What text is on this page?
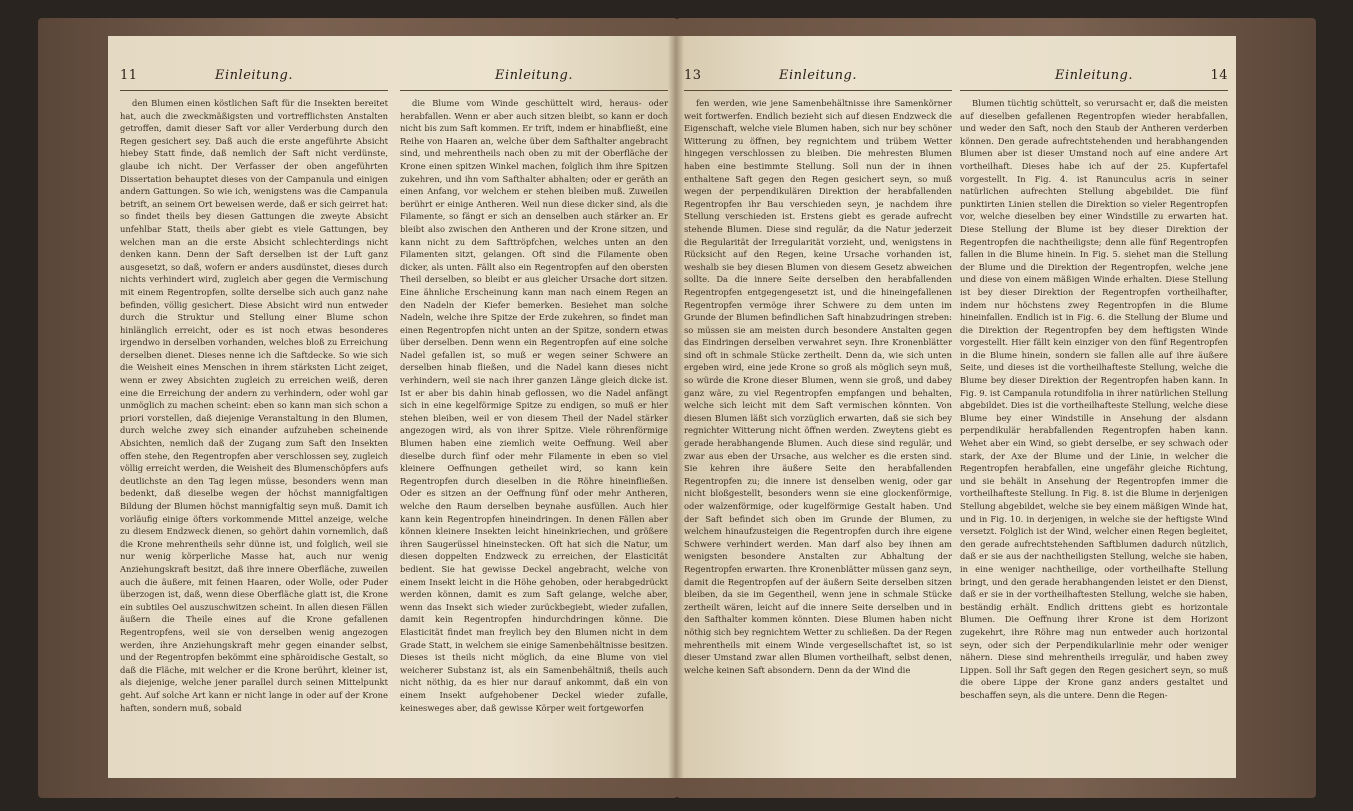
11	Einleitung.

den Blumen einen köstlichen Saft für die Insekten bereitet hat, auch die zweckmäßigsten und vortrefflichsten Anstalten getroffen, damit dieser Saft vor aller Verderbung durch den Regen gesichert sey. Daß auch die erste angeführte Absicht hiebey Statt finde, daß nemlich der Saft nicht verdünste, glaube ich nicht. Der Verfasser der oben angeführten Dissertation behauptet dieses von der Campanula und einigen andern Gattungen. So wie ich, wenigstens was die Campanula betrift, an seinem Ort beweisen werde, daß er sich geirret hat: so findet theils bey diesen Gattungen die zweyte Absicht unfehlbar Statt, theils aber giebt es viele Gattungen, bey welchen man an die erste Absicht schlechterdings nicht denken kann. Denn der Saft derselben ist der Luft ganz ausgesetzt, so daß, wofern er anders ausdünstet, dieses durch nichts verhindert wird, zugleich aber gegen die Vermischung mit einem Regentropfen, sollte derselbe sich auch ganz nahe befinden, völlig gesichert. Diese Absicht wird nun entweder durch die Struktur und Stellung einer Blume schon hinlänglich erreicht, oder es ist noch etwas besonderes irgendwo in derselben vorhanden, welches bloß zu Erreichung derselben dienet. Dieses nenne ich die Saftdecke. So wie sich die Weisheit eines Menschen in ihrem stärksten Licht zeiget, wenn er zwey Absichten zugleich zu erreichen weiß, deren eine die Erreichung der andern zu verhindern, oder wohl gar unmöglich zu machen scheint: eben so kann man sich schon a priori vorstellen, daß diejenige Veranstaltung in den Blumen, durch welche zwey sich einander aufzuheben scheinende Absichten, nemlich daß der Zugang zum Saft den Insekten offen stehe, den Regentropfen aber verschlossen sey, zugleich völlig erreicht werden, die Weisheit des Blumenschöpfers aufs deutlichste an den Tag legen müsse, besonders wenn man bedenkt, daß dieselbe wegen der höchst mannigfaltigen Bildung der Blumen höchst mannigfaltig seyn muß. Damit ich vorläufig einige öfters vorkommende Mittel anzeige, welche zu diesem Endzweck dienen, so gehört dahin vornemlich, daß die Krone mehrentheils sehr dünne ist, und folglich, weil sie nur wenig körperliche Masse hat, auch nur wenig Anziehungskraft besitzt, daß ihre innere Oberfläche, zuweilen auch die äußere, mit feinen Haaren, oder Wolle, oder Puder überzogen ist, daß, wenn diese Oberfläche glatt ist, die Krone ein subtiles Oel auszuschwitzen scheint. In allen diesen Fällen äußern die Theile eines auf die Krone gefallenen Regentropfens, weil sie von derselben wenig angezogen werden, ihre Anziehungskraft mehr gegen einander selbst, und der Regentropfen bekömmt eine sphäroidische Gestalt, so daß die Fläche, mit welcher er die Krone berührt, kleiner ist, als diejenige, welche jener parallel durch seinen Mittelpunkt geht. Auf solche Art kann er nicht lange in oder auf der Krone haften, sondern muß, sobald

Einleitung.

die Blume vom Winde geschüttelt wird, heraus- oder herabfallen. Wenn er aber auch sitzen bleibt, so kann er doch nicht bis zum Saft kommen. Er trift, indem er hinabfließt, eine Reihe von Haaren an, welche über dem Safthalter angebracht sind, und mehrentheils nach oben zu mit der Oberfläche der Krone einen spitzen Winkel machen, folglich ihm ihre Spitzen zukehren, und ihn vom Safthalter abhalten; oder er geräth an einen Anfang, vor welchem er stehen bleiben muß. Zuweilen berührt er einige Antheren. Weil nun diese dicker sind, als die Filamente, so fängt er sich an denselben auch stärker an. Er bleibt also zwischen den Antheren und der Krone sitzen, und kann nicht zu dem Safttröpfchen, welches unten an den Filamenten sitzt, gelangen. Oft sind die Filamente oben dicker, als unten. Fällt also ein Regentropfen auf den obersten Theil derselben, so bleibt er aus gleicher Ursache dort sitzen. Eine ähnliche Erscheinung kann man nach einem Regen an den Nadeln der Kiefer bemerken. Besiehet man solche Nadeln, welche ihre Spitze der Erde zukehren, so findet man einen Regentropfen nicht unten an der Spitze, sondern etwas über derselben. Denn wenn ein Regentropfen auf eine solche Nadel gefallen ist, so muß er wegen seiner Schwere an derselben hinab fließen, und die Nadel kann dieses nicht verhindern, weil sie nach ihrer ganzen Länge gleich dicke ist. Ist er aber bis dahin hinab geflossen, wo die Nadel anfängt sich in eine kegelförmige Spitze zu endigen, so muß er hier stehen bleiben, weil er von diesem Theil der Nadel stärker angezogen wird, als von ihrer Spitze. Viele röhrenförmige Blumen haben eine ziemlich weite Oeffnung. Weil aber dieselbe durch fünf oder mehr Filamente in eben so viel kleinere Oeffnungen getheilet wird, so kann kein Regentropfen durch dieselben in die Röhre hineinfließen. Oder es sitzen an der Oeffnung fünf oder mehr Antheren, welche den Raum derselben beynahe ausfüllen. Auch hier kann kein Regentropfen hineindringen. In denen Fällen aber können kleinere Insekten leicht hineinkriechen, und größere ihren Saugerüssel hineinstecken. Oft hat sich die Natur, um diesen doppelten Endzweck zu erreichen, der Elasticität bedient. Sie hat gewisse Deckel angebracht, welche von einem Insekt leicht in die Höhe gehoben, oder herabgedrückt werden können, damit es zum Saft gelange, welche aber, wenn das Insekt sich wieder zurückbegiebt, wieder zufallen, damit kein Regentropfen hindurchdringen könne. Die Elasticität findet man freylich bey den Blumen nicht in dem Grade Statt, in welchem sie einige Samenbehältnisse besitzen. Dieses ist theils nicht möglich, da eine Blume von viel weicherer Substanz ist, als ein Samenbehältniß, theils auch nicht nöthig, da es hier nur darauf ankommt, daß ein von einem Insekt aufgehobener Deckel wieder zufalle, keinesweges aber, daß gewisse Körper weit fortgeworfen

13	Einleitung.

fen werden, wie jene Samenbehältnisse ihre Samenkörner weit fortwerfen. Endlich bezieht sich auf diesen Endzweck die Eigenschaft, welche viele Blumen haben, sich nur bey schöner Witterung zu öffnen, bey regnichtem und trübem Wetter hingegen verschlossen zu bleiben. Die mehresten Blumen haben eine bestimmte Stellung. Soll nun der in ihnen enthaltene Saft gegen den Regen gesichert seyn, so muß wegen der perpendikulären Direktion der herabfallenden Regentropfen ihr Bau verschieden seyn, je nachdem ihre Stellung verschieden ist. Erstens giebt es gerade aufrecht stehende Blumen. Diese sind regulär, da die Natur jederzeit die Regularität der Irregularität vorzieht, und, wenigstens in Rücksicht auf den Regen, keine Ursache vorhanden ist, weshalb sie bey diesen Blumen von diesem Gesetz abweichen sollte. Da die innere Seite derselben den herabfallenden Regentropfen entgegengesetzt ist, und die hineingefallenen Regentropfen vermöge ihrer Schwere zu dem unten im Grunde der Blumen befindlichen Saft hinabzudringen streben: so müssen sie am meisten durch besondere Anstalten gegen das Eindringen derselben verwahret seyn. Ihre Kronenblätter sind oft in schmale Stücke zertheilt. Denn da, wie sich unten ergeben wird, eine jede Krone so groß als möglich seyn muß, so würde die Krone dieser Blumen, wenn sie groß, und dabey ganz wäre, zu viel Regentropfen empfangen und behalten, welche sich leicht mit dem Saft vermischen könnten. Von diesen Blumen läßt sich vorzüglich erwarten, daß sie sich bey regnichter Witterung nicht öffnen werden. Zweytens giebt es gerade herabhangende Blumen. Auch diese sind regulär, und zwar aus eben der Ursache, aus welcher es die ersten sind. Sie kehren ihre äußere Seite den herabfallenden Regentropfen zu; die innere ist denselben wenig, oder gar nicht bloßgestellt, besonders wenn sie eine glockenförmige, oder walzenförmige, oder kugelförmige Gestalt haben. Und der Saft befindet sich oben im Grunde der Blumen, zu welchem hinaufzusteigen die Regentropfen durch ihre eigene Schwere verhindert werden. Man darf also bey ihnen am wenigsten besondere Anstalten zur Abhaltung der Regentropfen erwarten. Ihre Kronenblätter müssen ganz seyn, damit die Regentropfen auf der äußern Seite derselben sitzen bleiben, da sie im Gegentheil, wenn jene in schmale Stücke zertheilt wären, leicht auf die innere Seite derselben und in den Safthalter kommen könnten. Diese Blumen haben nicht nöthig sich bey regnichtem Wetter zu schließen. Da der Regen mehrentheils mit einem Winde vergesellschaftet ist, so ist dieser Umstand zwar allen Blumen vortheilhaft, selbst denen, welche keinen Saft absondern. Denn da der Wind die

Einleitung.	14

Blumen tüchtig schüttelt, so verursacht er, daß die meisten auf dieselben gefallenen Regentropfen wieder herabfallen, und weder den Saft, noch den Staub der Antheren verderben können. Den gerade aufrechtstehenden und herabhangenden Blumen aber ist dieser Umstand noch auf eine andere Art vortheilhaft. Dieses habe ich auf der 25. Kupfertafel vorgestellt. In Fig. 4. ist Ranunculus acris in seiner natürlichen aufrechten Stellung abgebildet. Die fünf punktirten Linien stellen die Direktion so vieler Regentropfen vor, welche dieselben bey einer Windstille zu erwarten hat. Diese Stellung der Blume ist bey dieser Direktion der Regentropfen die nachtheiligste; denn alle fünf Regentropfen fallen in die Blume hinein. In Fig. 5. siehet man die Stellung der Blume und die Direktion der Regentropfen, welche jene und diese von einem mäßigen Winde erhalten. Diese Stellung ist bey dieser Direktion der Regentropfen vortheilhafter, indem nur höchstens zwey Regentropfen in die Blume hineinfallen. Endlich ist in Fig. 6. die Stellung der Blume und die Direktion der Regentropfen bey dem heftigsten Winde vorgestellt. Hier fällt kein einziger von den fünf Regentropfen in die Blume hinein, sondern sie fallen alle auf ihre äußere Seite, und dieses ist die vortheilhafteste Stellung, welche die Blume bey dieser Direktion der Regentropfen haben kann. In Fig. 9. ist Campanula rotundifolia in ihrer natürlichen Stellung abgebildet. Dies ist die vortheilhafteste Stellung, welche diese Blume bey einer Windstille in Ansehung der alsdann perpendikulär herabfallenden Regentropfen haben kann. Wehet aber ein Wind, so giebt derselbe, er sey schwach oder stark, der Axe der Blume und der Linie, in welcher die Regentropfen herabfallen, eine ungefähr gleiche Richtung, und sie behält in Ansehung der Regentropfen immer die vortheilhafteste Stellung. In Fig. 8. ist die Blume in derjenigen Stellung abgebildet, welche sie bey einem mäßigen Winde hat, und in Fig. 10. in derjenigen, in welche sie der heftigste Wind versetzt. Folglich ist der Wind, welcher einen Regen begleitet, den gerade aufrechtstehenden Saftblumen dadurch nützlich, daß er sie aus der nachtheiligsten Stellung, welche sie haben, in eine weniger nachtheilige, oder vortheilhafte Stellung bringt, und den gerade herabhangenden leistet er den Dienst, daß er sie in der vortheilhaftesten Stellung, welche sie haben, beständig erhält. Endlich drittens giebt es horizontale Blumen. Die Oeffnung ihrer Krone ist dem Horizont zugekehrt, ihre Röhre mag nun entweder auch horizontal seyn, oder sich der Perpendikularlinie mehr oder weniger nähern. Diese sind mehrentheils irregulär, und haben zwey Lippen. Soll ihr Saft gegen den Regen gesichert seyn, so muß die obere Lippe der Krone ganz anders gestaltet und beschaffen seyn, als die untere. Denn die Regen-
